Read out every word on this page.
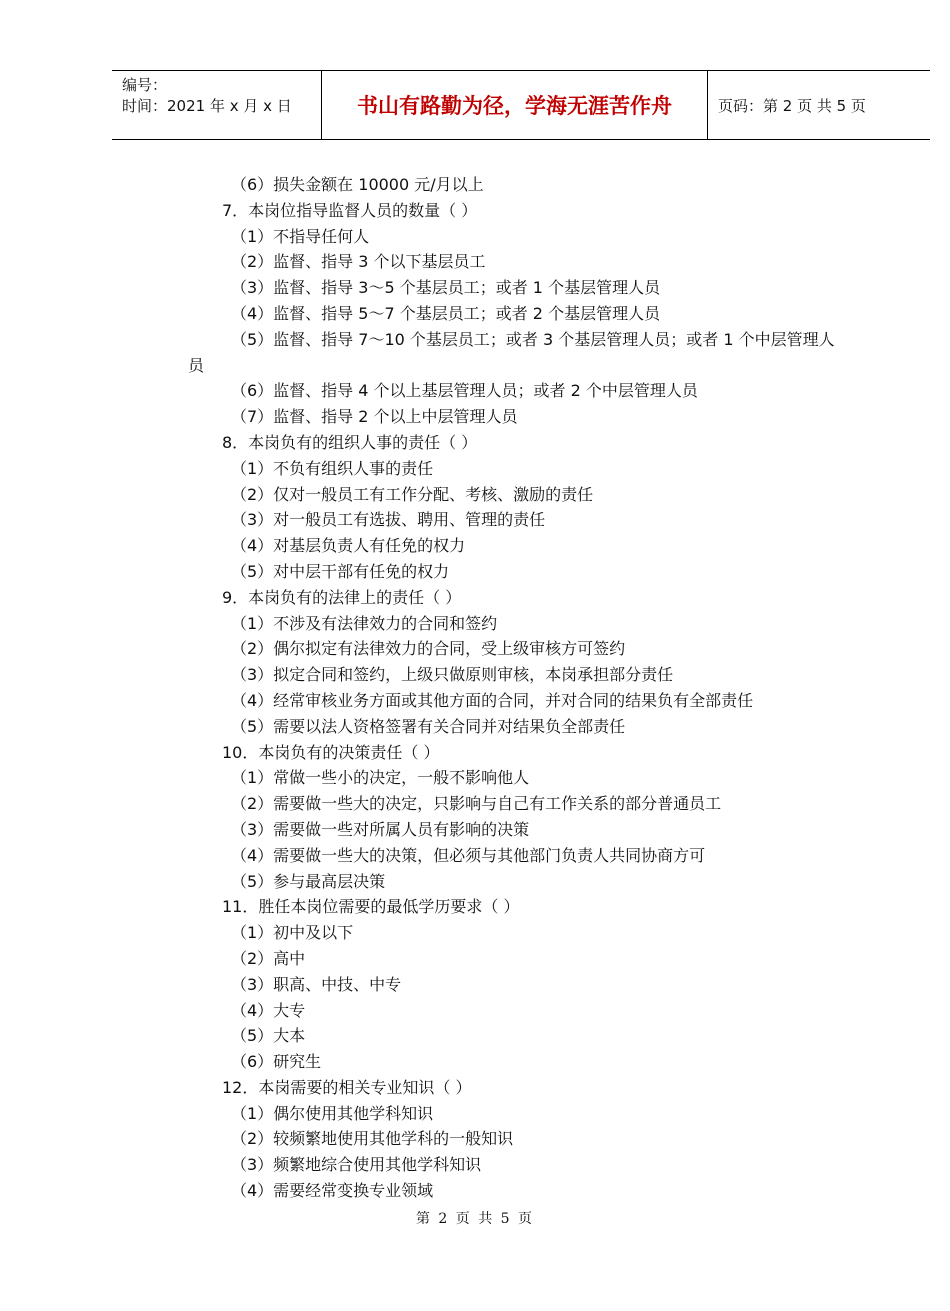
编号：
时间：2021 年 x 月 x 日	书山有路勤为径，学海无涯苦作舟	页码：第 2 页 共 5 页
（6）损失金额在 10000 元/月以上
7．本岗位指导监督人员的数量（ ）
（1）不指导任何人
（2）监督、指导 3 个以下基层员工
（3）监督、指导 3～5 个基层员工；或者 1 个基层管理人员
（4）监督、指导 5～7 个基层员工；或者 2 个基层管理人员
（5）监督、指导 7～10 个基层员工；或者 3 个基层管理人员；或者 1 个中层管理人
员
（6）监督、指导 4 个以上基层管理人员；或者 2 个中层管理人员
（7）监督、指导 2 个以上中层管理人员
8．本岗负有的组织人事的责任（ ）
（1）不负有组织人事的责任
（2）仅对一般员工有工作分配、考核、激励的责任
（3）对一般员工有选拔、聘用、管理的责任
（4）对基层负责人有任免的权力
（5）对中层干部有任免的权力
9．本岗负有的法律上的责任（ ）
（1）不涉及有法律效力的合同和签约
（2）偶尔拟定有法律效力的合同，受上级审核方可签约
（3）拟定合同和签约，上级只做原则审核，本岗承担部分责任
（4）经常审核业务方面或其他方面的合同，并对合同的结果负有全部责任
（5）需要以法人资格签署有关合同并对结果负全部责任
10．本岗负有的决策责任（ ）
（1）常做一些小的决定，一般不影响他人
（2）需要做一些大的决定，只影响与自己有工作关系的部分普通员工
（3）需要做一些对所属人员有影响的决策
（4）需要做一些大的决策，但必须与其他部门负责人共同协商方可
（5）参与最高层决策
11．胜任本岗位需要的最低学历要求（ ）
（1）初中及以下
（2）高中
（3）职高、中技、中专
（4）大专
（5）大本
（6）研究生
12．本岗需要的相关专业知识（ ）
（1）偶尔使用其他学科知识
（2）较频繁地使用其他学科的一般知识
（3）频繁地综合使用其他学科知识
（4）需要经常变换专业领域
第 2 页 共 5 页
